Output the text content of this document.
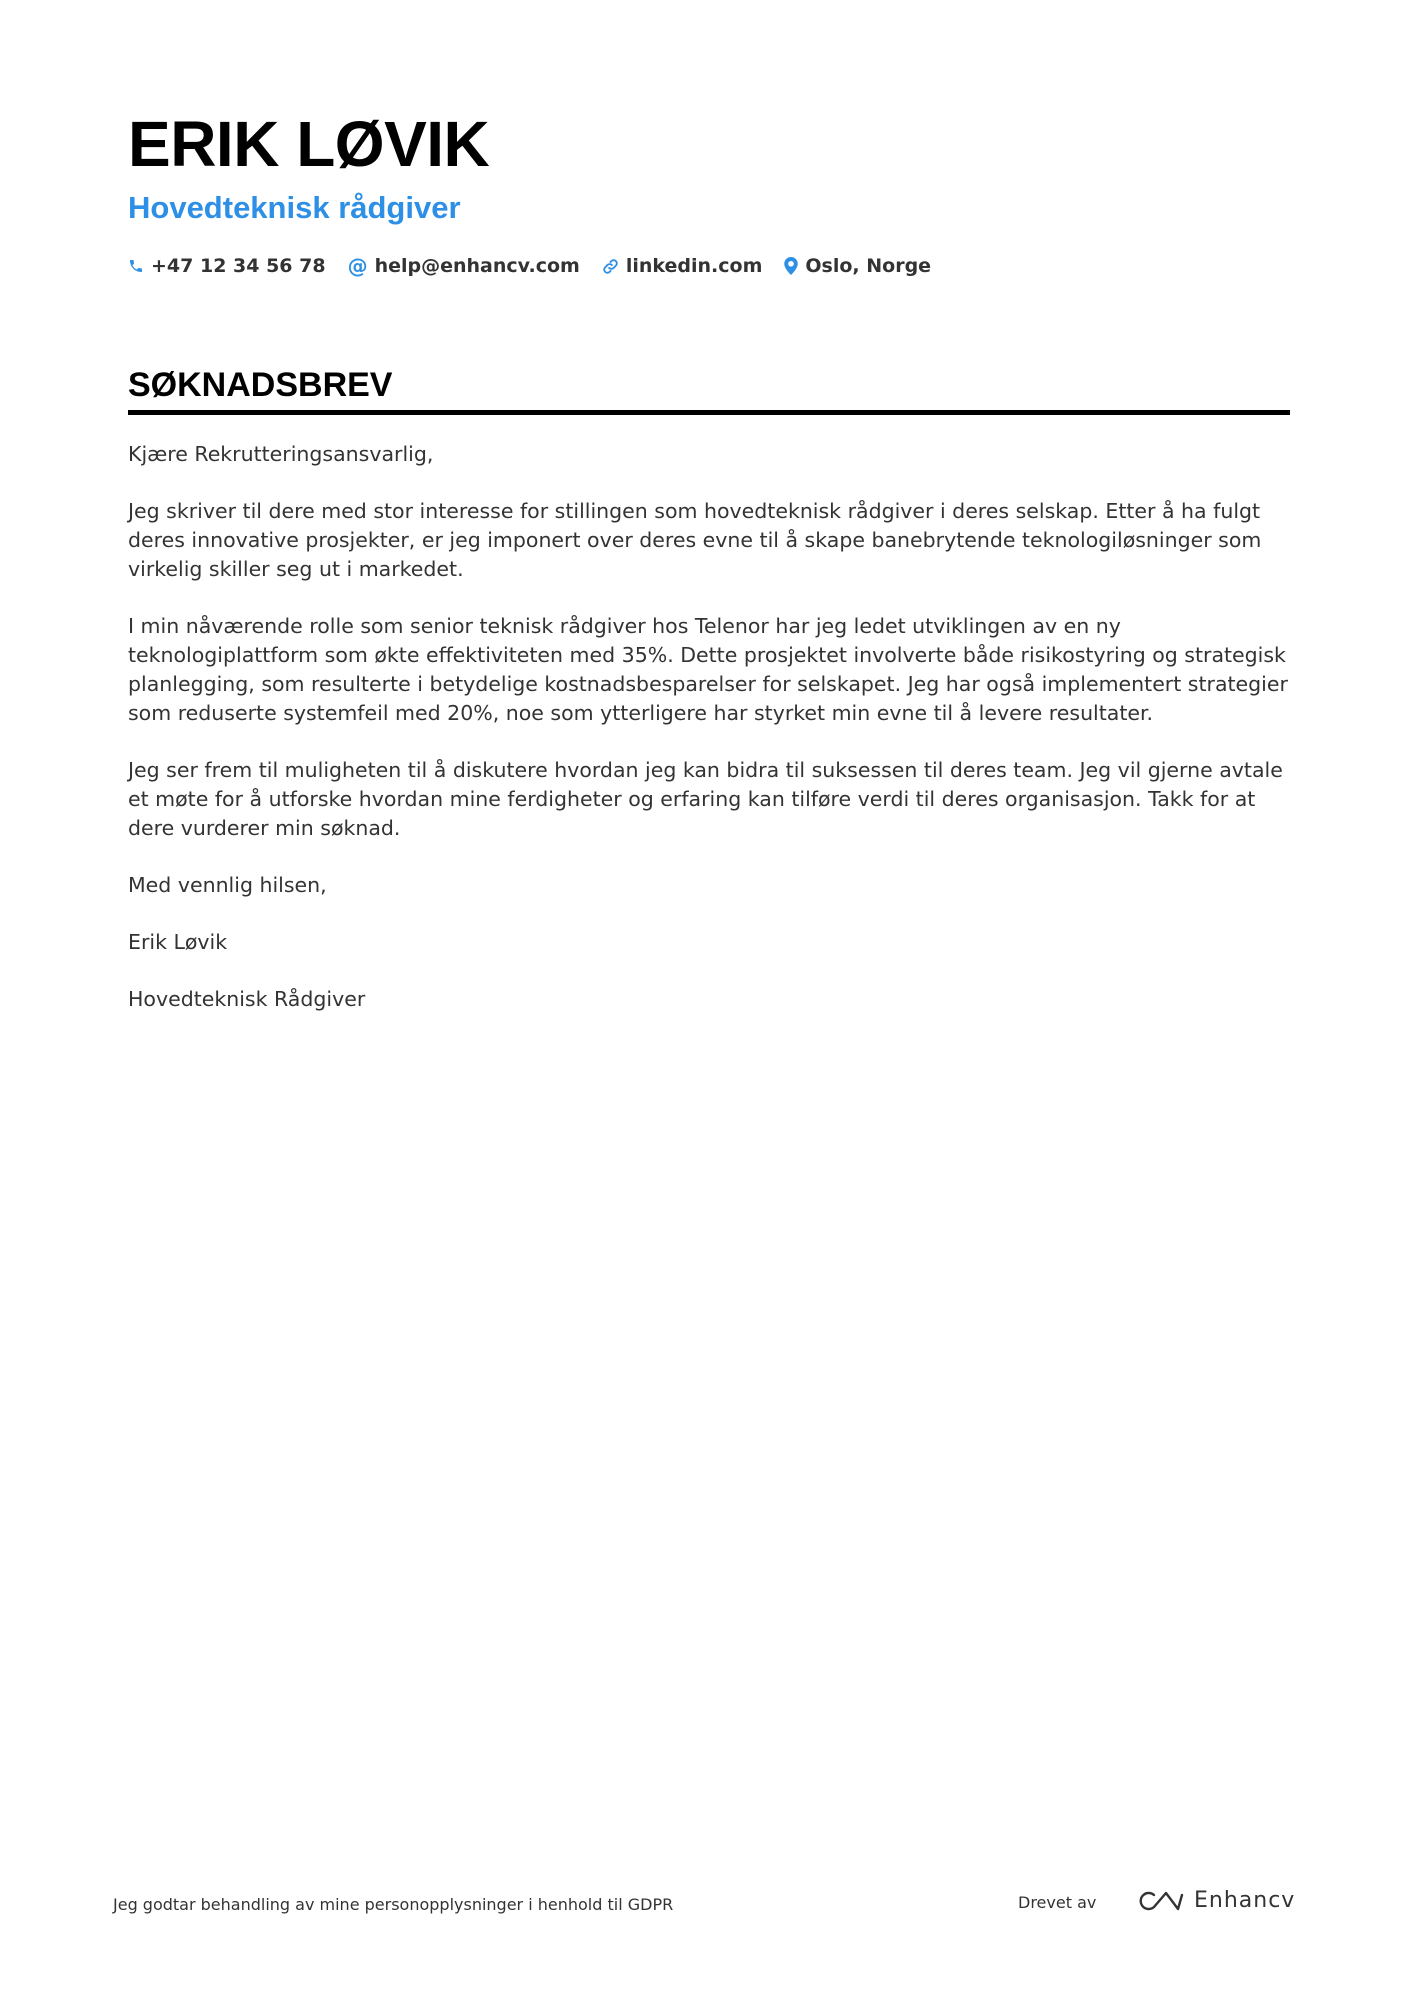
ERIK LØVIK
Hovedteknisk rådgiver
+47 12 34 56 78 @ help@enhancv.com linkedin.com Oslo, Norge
SØKNADSBREV

Kjære Rekrutteringsansvarlig,

Jeg skriver til dere med stor interesse for stillingen som hovedteknisk rådgiver i deres selskap. Etter å ha fulgt deres innovative prosjekter, er jeg imponert over deres evne til å skape banebrytende teknologiløsninger som virkelig skiller seg ut i markedet.

I min nåværende rolle som senior teknisk rådgiver hos Telenor har jeg ledet utviklingen av en ny teknologiplattform som økte effektiviteten med 35%. Dette prosjektet involverte både risikostyring og strategisk planlegging, som resulterte i betydelige kostnadsbesparelser for selskapet. Jeg har også implementert strategier som reduserte systemfeil med 20%, noe som ytterligere har styrket min evne til å levere resultater.

Jeg ser frem til muligheten til å diskutere hvordan jeg kan bidra til suksessen til deres team. Jeg vil gjerne avtale et møte for å utforske hvordan mine ferdigheter og erfaring kan tilføre verdi til deres organisasjon. Takk for at dere vurderer min søknad.

Med vennlig hilsen,

Erik Løvik

Hovedteknisk Rådgiver

Jeg godtar behandling av mine personopplysninger i henhold til GDPR	Drevet av	Enhancv
